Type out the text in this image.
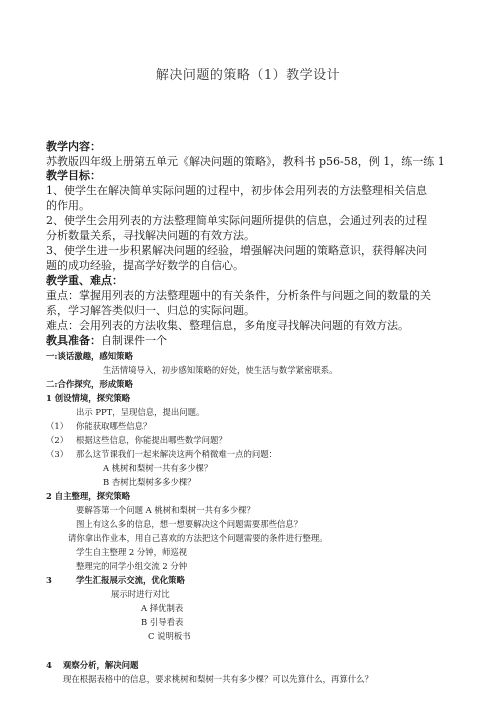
解决问题的策略（1）教学设计
教学内容：
苏教版四年级上册第五单元《解决问题的策略》，教科书 p56-58，例 1，练一练 1
教学目标：
1、使学生在解决简单实际问题的过程中，初步体会用列表的方法整理相关信息
的作用。
2、使学生会用列表的方法整理简单实际问题所提供的信息，会通过列表的过程
分析数量关系，寻找解决问题的有效方法。
3、使学生进一步积累解决问题的经验，增强解决问题的策略意识，获得解决问
题的成功经验，提高学好数学的自信心。
教学重、难点：
重点：掌握用列表的方法整理题中的有关条件，分析条件与问题之间的数量的关
系，学习解答类似归一、归总的实际问题。
难点：会用列表的方法收集、整理信息，多角度寻找解决问题的有效方法。
教具准备：自制课件一个
一:谈话激趣，感知策略
生活情境导入，初步感知策略的好处，使生活与数学紧密联系。
二:合作探究，形成策略
1 创设情境，探究策略
出示 PPT，呈现信息，提出问题。
（1） 你能获取哪些信息？
（2） 根据这些信息，你能提出哪些数学问题？
（3） 那么这节课我们一起来解决这两个稍微难一点的问题：
A 桃树和梨树一共有多少棵？
B 杏树比梨树多多少棵？
2 自主整理，探究策略
要解答第一个问题 A 桃树和梨树一共有多少棵？
图上有这么多的信息，想一想要解决这个问题需要那些信息？
请你拿出作业本，用自己喜欢的方法把这个问题需要的条件进行整理。
学生自主整理 2 分钟，师巡视
整理完的同学小组交流 2 分钟
3	学生汇报展示交流，优化策略
展示时进行对比
A 择优制表
B 引导看表
C 说明板书
4 观察分析，解决问题
现在根据表格中的信息，要求桃树和梨树一共有多少棵？可以先算什么，再算什么？
